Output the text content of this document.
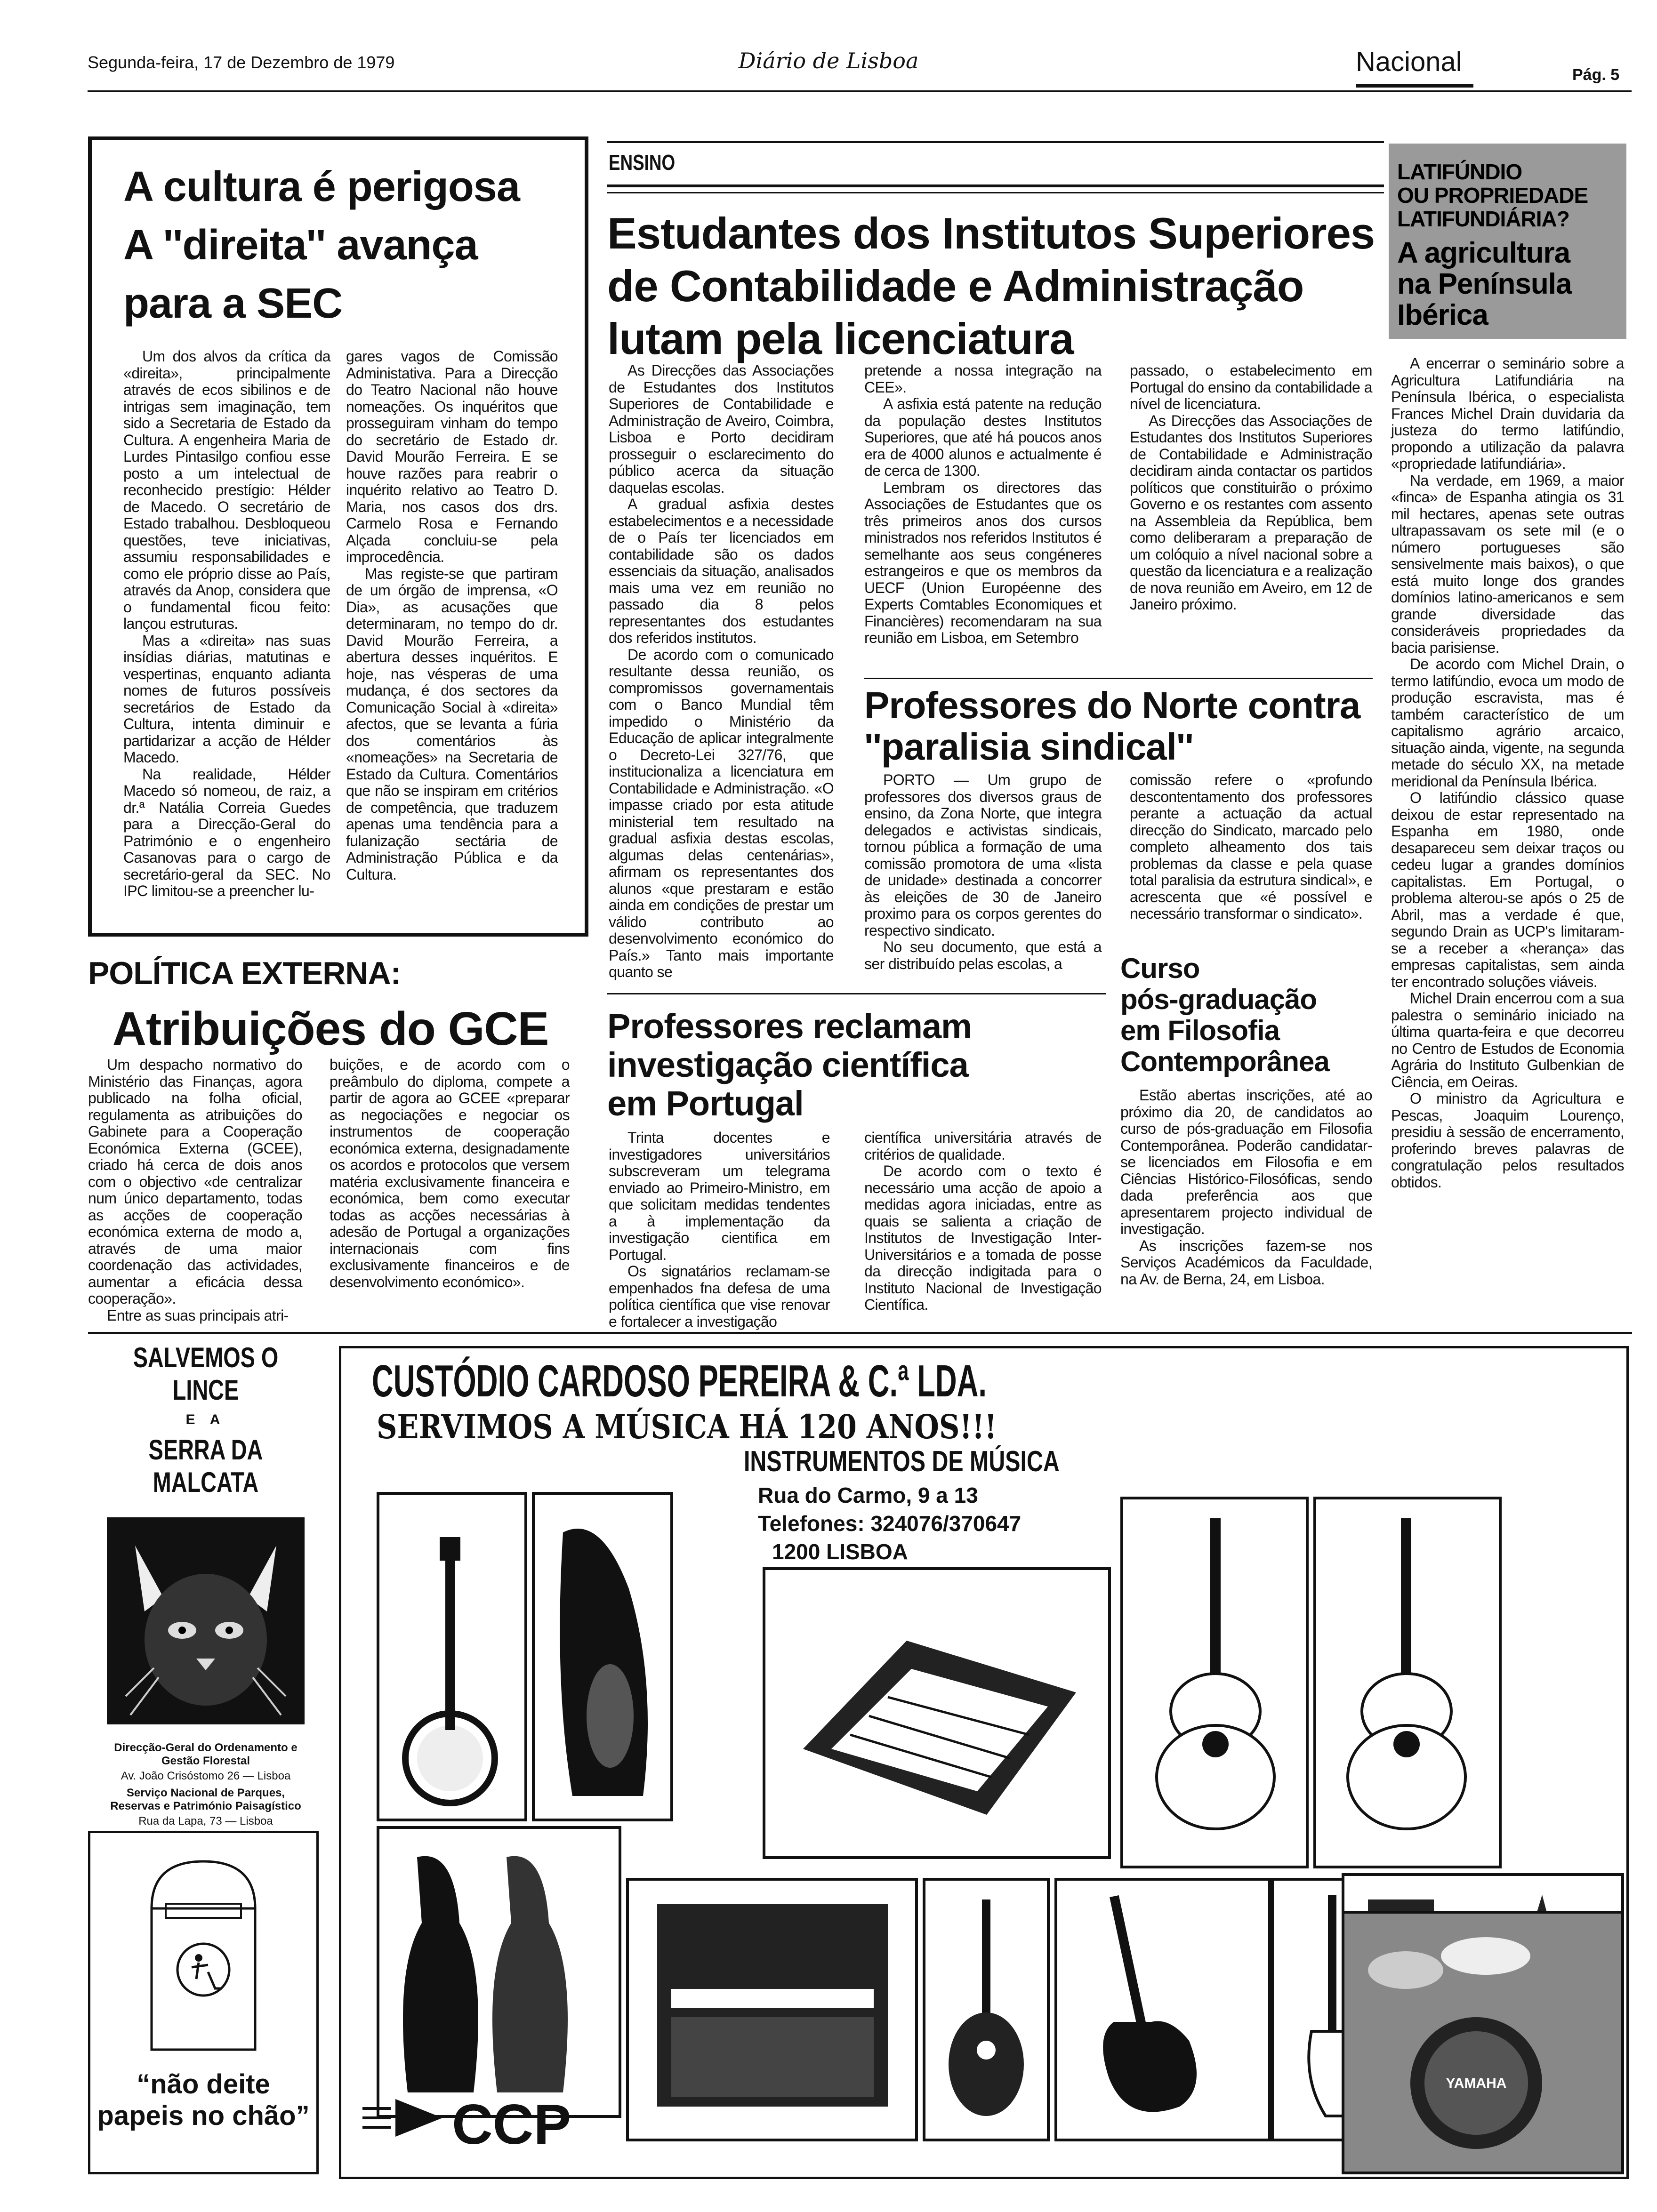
Segunda-feira, 17 de Dezembro de 1979	Diário de Lisboa	Nacional	Pág. 5
A cultura é perigosa
A ''direita'' avança
para a SEC

Um dos alvos da crítica da «direita», principalmente através de ecos sibilinos e de intrigas sem imaginação, tem sido a Secretaria de Estado da Cultura. A engenheira Maria de Lurdes Pintasilgo confiou esse posto a um intelectual de reconhecido prestígio: Hélder de Macedo. O secretário de Estado trabalhou. Desbloqueou questões, teve iniciativas, assumiu responsabilidades e como ele próprio disse ao País, através da Anop, considera que o fundamental ficou feito: lançou estruturas.

Mas a «direita» nas suas insídias diárias, matutinas e vespertinas, enquanto adianta nomes de futuros possíveis secretários de Estado da Cultura, intenta diminuir e partidarizar a acção de Hélder Macedo.

Na realidade, Hélder Macedo só nomeou, de raiz, a dr.ª Natália Correia Guedes para a Direcção-Geral do Património e o engenheiro Casanovas para o cargo de secretário-geral da SEC. No IPC limitou-se a preencher lu-

gares vagos de Comissão Administativa. Para a Direcção do Teatro Nacional não houve nomeações. Os inquéritos que prosseguiram vinham do tempo do secretário de Estado dr. David Mourão Ferreira. E se houve razões para reabrir o inquérito relativo ao Teatro D. Maria, nos casos dos drs. Carmelo Rosa e Fernando Alçada concluiu-se pela improcedência.

Mas registe-se que partiram de um órgão de imprensa, «O Dia», as acusações que determinaram, no tempo do dr. David Mourão Ferreira, a abertura desses inquéritos. E hoje, nas vésperas de uma mudança, é dos sectores da Comunicação Social à «direita» afectos, que se levanta a fúria dos comentários às «nomeações» na Secretaria de Estado da Cultura. Comentários que não se inspiram em critérios de competência, que traduzem apenas uma tendência para a fulanização sectária de Administração Pública e da Cultura.

ENSINO
Estudantes dos Institutos Superiores
de Contabilidade e Administração
lutam pela licenciatura

As Direcções das Associações de Estudantes dos Institutos Superiores de Contabilidade e Administração de Aveiro, Coimbra, Lisboa e Porto decidiram prosseguir o esclarecimento do público acerca da situação daquelas escolas.

A gradual asfixia destes estabelecimentos e a necessidade de o País ter licenciados em contabilidade são os dados essenciais da situação, analisados mais uma vez em reunião no passado dia 8 pelos representantes dos estudantes dos referidos institutos.

De acordo com o comunicado resultante dessa reunião, os compromissos governamentais com o Banco Mundial têm impedido o Ministério da Educação de aplicar integralmente o Decreto-Lei 327/76, que institucionaliza a licenciatura em Contabilidade e Administração. «O impasse criado por esta atitude ministerial tem resultado na gradual asfixia destas escolas, algumas delas centenárias», afirmam os representantes dos alunos «que prestaram e estão ainda em condições de prestar um válido contributo ao desenvolvimento económico do País.» Tanto mais importante quanto se

pretende a nossa integração na CEE».

A asfixia está patente na redução da população destes Institutos Superiores, que até há poucos anos era de 4000 alunos e actualmente é de cerca de 1300.

Lembram os directores das Associações de Estudantes que os três primeiros anos dos cursos ministrados nos referidos Institutos é semelhante aos seus congéneres estrangeiros e que os membros da UECF (Union Européenne des Experts Comtables Economiques et Financières) recomendaram na sua reunião em Lisboa, em Setembro

passado, o estabelecimento em Portugal do ensino da contabilidade a nível de licenciatura.

As Direcções das Associações de Estudantes dos Institutos Superiores de Contabilidade e Administração decidiram ainda contactar os partidos políticos que constituirão o próximo Governo e os restantes com assento na Assembleia da República, bem como deliberaram a preparação de um colóquio a nível nacional sobre a questão da licenciatura e a realização de nova reunião em Aveiro, em 12 de Janeiro próximo.

Professores do Norte contra
''paralisia sindical''

PORTO — Um grupo de professores dos diversos graus de ensino, da Zona Norte, que integra delegados e activistas sindicais, tornou pública a formação de uma comissão promotora de uma «lista de unidade» destinada a concorrer às eleições de 30 de Janeiro proximo para os corpos gerentes do respectivo sindicato.

No seu documento, que está a ser distribuído pelas escolas, a

comissão refere o «profundo descontentamento dos professores perante a actuação da actual direcção do Sindicato, marcado pelo completo alheamento dos tais problemas da classe e pela quase total paralisia da estrutura sindical», e acrescenta que «é possível e necessário transformar o sindicato».

LATIFÚNDIO
OU PROPRIEDADE
LATIFUNDIÁRIA?
A agricultura
na Península
Ibérica

A encerrar o seminário sobre a Agricultura Latifundiária na Península Ibérica, o especialista Frances Michel Drain duvidaria da justeza do termo latifúndio, propondo a utilização da palavra «propriedade latifundiária».

Na verdade, em 1969, a maior «finca» de Espanha atingia os 31 mil hectares, apenas sete outras ultrapassavam os sete mil (e o número portugueses são sensivelmente mais baixos), o que está muito longe dos grandes domínios latino-americanos e sem grande diversidade das consideráveis propriedades da bacia parisiense.

De acordo com Michel Drain, o termo latifúndio, evoca um modo de produção escravista, mas é também característico de um capitalismo agrário arcaico, situação ainda, vigente, na segunda metade do século XX, na metade meridional da Península Ibérica.

O latifúndio clássico quase deixou de estar representado na Espanha em 1980, onde desapareceu sem deixar traços ou cedeu lugar a grandes domínios capitalistas. Em Portugal, o problema alterou-se após o 25 de Abril, mas a verdade é que, segundo Drain as UCP's limitaram-se a receber a «herança» das empresas capitalistas, sem ainda ter encontrado soluções viáveis.

Michel Drain encerrou com a sua palestra o seminário iniciado na última quarta-feira e que decorreu no Centro de Estudos de Economia Agrária do Instituto Gulbenkian de Ciência, em Oeiras.

O ministro da Agricultura e Pescas, Joaquim Lourenço, presidiu à sessão de encerramento, proferindo breves palavras de congratulação pelos resultados obtidos.

POLÍTICA EXTERNA:
Atribuições do GCE

Um despacho normativo do Ministério das Finanças, agora publicado na folha oficial, regulamenta as atribuições do Gabinete para a Cooperação Económica Externa (GCEE), criado há cerca de dois anos com o objectivo «de centralizar num único departamento, todas as acções de cooperação económica externa de modo a, através de uma maior coordenação das actividades, aumentar a eficácia dessa cooperação».

Entre as suas principais atri-

buições, e de acordo com o preâmbulo do diploma, compete a partir de agora ao GCEE «preparar as negociações e negociar os instrumentos de cooperação económica externa, designadamente os acordos e protocolos que versem matéria exclusivamente financeira e económica, bem como executar todas as acções necessárias à adesão de Portugal a organizações internacionais com fins exclusivamente financeiros e de desenvolvimento económico».

Professores reclamam
investigação científica
em Portugal

Trinta docentes e investigadores universitários subscreveram um telegrama enviado ao Primeiro-Ministro, em que solicitam medidas tendentes a à implementação da investigação cientifica em Portugal.

Os signatários reclamam-se empenhados fna defesa de uma política científica que vise renovar e fortalecer a investigação

científica universitária através de critérios de qualidade.

De acordo com o texto é necessário uma acção de apoio a medidas agora iniciadas, entre as quais se salienta a criação de Institutos de Investigação Inter-Universitários e a tomada de posse da direcção indigitada para o Instituto Nacional de Investigação Científica.

Curso
pós-graduação
em Filosofia
Contemporânea

Estão abertas inscrições, até ao próximo dia 20, de candidatos ao curso de pós-graduação em Filosofia Contemporânea. Poderão candidatar-se licenciados em Filosofia e em Ciências Histórico-Filosóficas, sendo dada preferência aos que apresentarem projecto individual de investigação.

As inscrições fazem-se nos Serviços Académicos da Faculdade, na Av. de Berna, 24, em Lisboa.

SALVEMOS O LINCE
E A
SERRA DA MALCATA
Direcção-Geral do Ordenamento e Gestão Florestal
Av. João Crisóstomo 26 — Lisboa
Serviço Nacional de Parques, Reservas e Património Paisagístico
Rua da Lapa, 73 — Lisboa
“não deite
papeis no chão”
CUSTÓDIO CARDOSO PEREIRA & C.ª LDA.
SERVIMOS A MÚSICA HÁ 120 ANOS!!!
INSTRUMENTOS DE MÚSICA
Rua do Carmo, 9 a 13
Telefones: 324076/370647
1200 LISBOA
YAMAHA
CCP
